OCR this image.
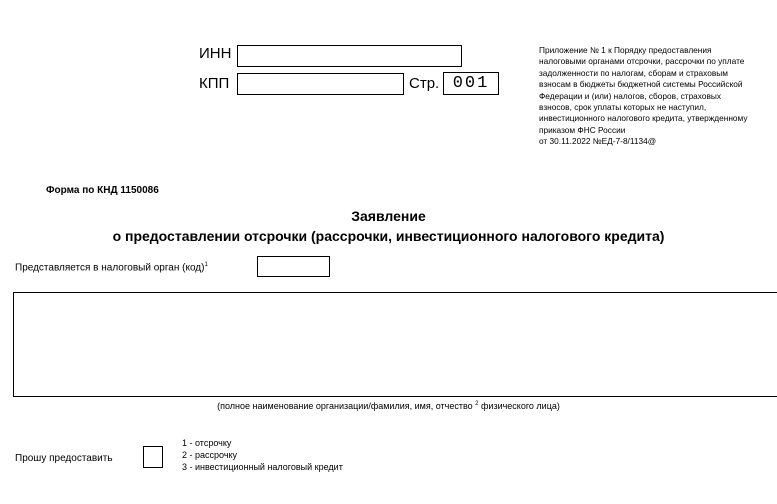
ИНН
КПП	Стр. 001
Приложение № 1 к Порядку предоставления
налоговыми органами отсрочки, рассрочки по уплате
задолженности по налогам, сборам и страховым
взносам в бюджеты бюджетной системы Российской
Федерации и (или) налогов, сборов, страховых
взносов, срок уплаты которых не наступил,
инвестиционного налогового кредита, утвержденному
приказом ФНС России
от 30.11.2022 №ЕД-7-8/1134@
Форма по КНД 1150086
Заявление
о предоставлении отсрочки (рассрочки, инвестиционного налогового кредита)
Представляется в налоговый орган (код)$^1$
(полное наименование организации/фамилия, имя, отчество $^2$ физического лица)
Прошу предоставить
1 - отсрочку
2 - рассрочку
3 - инвестиционный налоговый кредит
